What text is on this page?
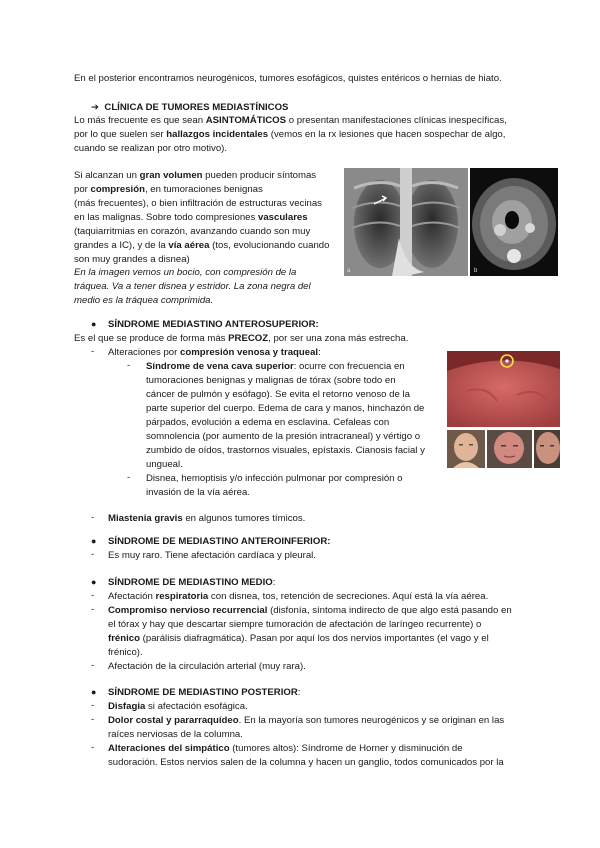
En el posterior encontramos neurogénicos, tumores esofágicos, quistes entéricos o hernias de hiato.

➔ CLÍNICA DE TUMORES MEDIASTÍNICOS

Lo más frecuente es que sean ASINTOMÁTICOS o presentan manifestaciones clínicas inespecíficas,

por lo que suelen ser hallazgos incidentales (vemos en la rx lesiones que hacen sospechar de algo,

cuando se realizan por otro motivo).

Si alcanzan un gran volumen pueden producir síntomas

por compresión, en tumoraciones benignas

(más frecuentes), o bien infiltración de estructuras vecinas

en las malignas. Sobre todo compresiones vasculares

(taquiarritmias en corazón, avanzando cuando son muy

grandes a IC), y de la vía aérea (tos, evolucionando cuando

son muy grandes a disnea)

En la imagen vemos un bocio, con compresión de la

tráquea. Va a tener disnea y estridor. La zona negra del

medio es la tráquea comprimida.

a	b
● SÍNDROME MEDIASTINO ANTEROSUPERIOR:

Es el que se produce de forma más PRECOZ, por ser una zona más estrecha.

- Alteraciones por compresión venosa y traqueal:

- Síndrome de vena cava superior: ocurre con frecuencia en

tumoraciones benignas y malignas de tórax (sobre todo en

cáncer de pulmón y esófago). Se evita el retorno venoso de la

parte superior del cuerpo. Edema de cara y manos, hinchazón de

párpados, evolución a edema en esclavina. Cefaleas con

somnolencia (por aumento de la presión intracraneal) y vértigo o

zumbido de oídos, trastornos visuales, epístaxis. Cianosis facial y

ungueal.

- Disnea, hemoptisis y/o infección pulmonar por compresión o

invasión de la vía aérea.

- Miastenia gravis en algunos tumores tímicos.

● SÍNDROME DE MEDIASTINO ANTEROINFERIOR:

- Es muy raro. Tiene afectación cardíaca y pleural.

● SÍNDROME DE MEDIASTINO MEDIO:

- Afectación respiratoria con disnea, tos, retención de secreciones. Aquí está la vía aérea.

- Compromiso nervioso recurrencial (disfonía, síntoma indirecto de que algo está pasando en

el tórax y hay que descartar siempre tumoración de afectación de laríngeo recurrente) o

frénico (parálisis diafragmática). Pasan por aquí los dos nervios importantes (el vago y el

frénico).

- Afectación de la circulación arterial (muy rara).

● SÍNDROME DE MEDIASTINO POSTERIOR:

- Disfagia si afectación esofágica.

- Dolor costal y pararraquídeo. En la mayoría son tumores neurogénicos y se originan en las

raíces nerviosas de la columna.

- Alteraciones del simpático (tumores altos): Síndrome de Horner y disminución de

sudoración. Estos nervios salen de la columna y hacen un ganglio, todos comunicados por la
